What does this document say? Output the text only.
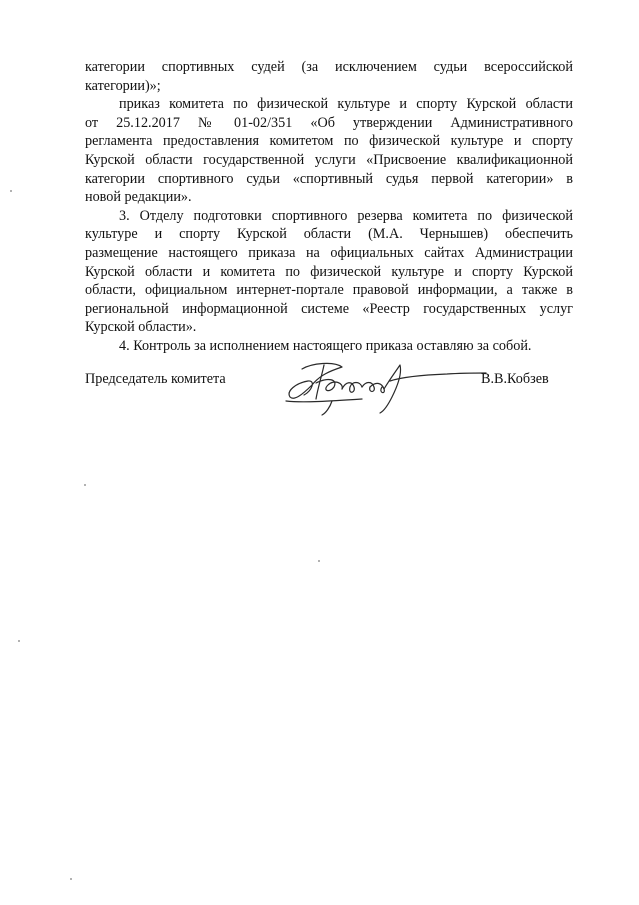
категории спортивных судей (за исключением судьи всероссийской
категории)»;

приказ комитета по физической культуре и спорту Курской области
от 25.12.2017 № 01-02/351 «Об утверждении Административного
регламента предоставления комитетом по физической культуре и спорту
Курской области государственной услуги «Присвоение квалификационной
категории спортивного судьи «спортивный судья первой категории» в
новой редакции».

3. Отделу подготовки спортивного резерва комитета по физической
культуре и спорту Курской области (М.А. Чернышев) обеспечить
размещение настоящего приказа на официальных сайтах Администрации
Курской области и комитета по физической культуре и спорту Курской
области, официальном интернет-портале правовой информации, а также в
региональной информационной системе «Реестр государственных услуг
Курской области».

4. Контроль за исполнением настоящего приказа оставляю за собой.

Председатель комитета	В.В.Кобзев
